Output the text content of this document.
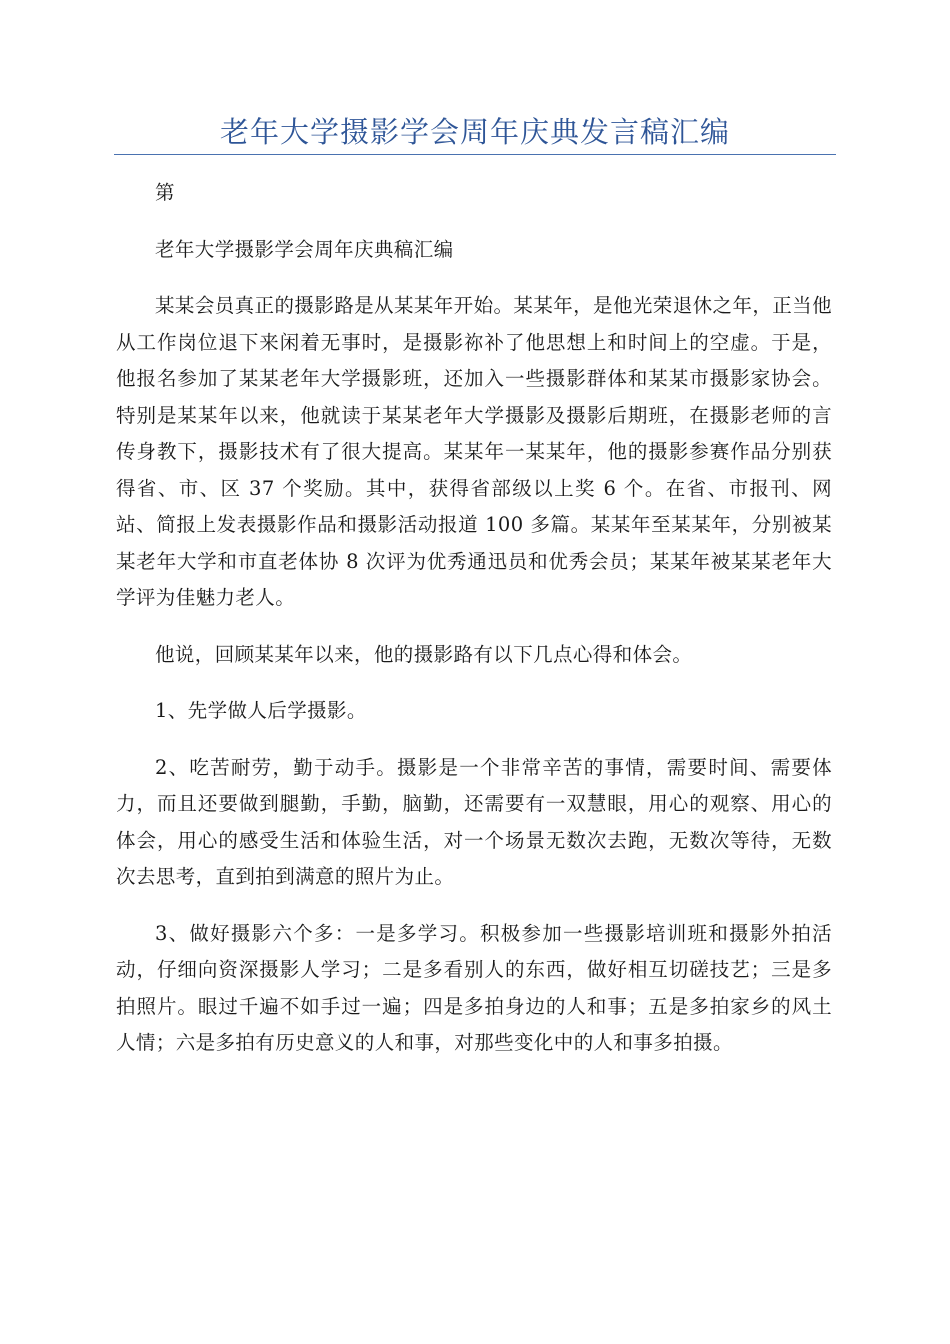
老年大学摄影学会周年庆典发言稿汇编

第

老年大学摄影学会周年庆典稿汇编

某某会员真正的摄影路是从某某年开始。某某年，是他光荣退休之年，正当他从工作岗位退下来闲着无事时，是摄影祢补了他思想上和时间上的空虚。于是，他报名参加了某某老年大学摄影班，还加入一些摄影群体和某某市摄影家协会。特别是某某年以来，他就读于某某老年大学摄影及摄影后期班，在摄影老师的言传身教下，摄影技术有了很大提高。某某年一某某年，他的摄影参赛作品分别获得省、市、区 37 个奖励。其中，获得省部级以上奖 6 个。在省、市报刊、网站、简报上发表摄影作品和摄影活动报道 100 多篇。某某年至某某年，分别被某某老年大学和市直老体协 8 次评为优秀通迅员和优秀会员；某某年被某某老年大学评为佳魅力老人。

他说，回顾某某年以来，他的摄影路有以下几点心得和体会。

1、先学做人后学摄影。

2、吃苦耐劳，勤于动手。摄影是一个非常辛苦的事情，需要时间、需要体力，而且还要做到腿勤，手勤，脑勤，还需要有一双慧眼，用心的观察、用心的体会，用心的感受生活和体验生活，对一个场景无数次去跑，无数次等待，无数次去思考，直到拍到满意的照片为止。

3、做好摄影六个多：一是多学习。积极参加一些摄影培训班和摄影外拍活动，仔细向资深摄影人学习；二是多看别人的东西，做好相互切磋技艺；三是多拍照片。眼过千遍不如手过一遍；四是多拍身边的人和事；五是多拍家乡的风土人情；六是多拍有历史意义的人和事，对那些变化中的人和事多拍摄。
